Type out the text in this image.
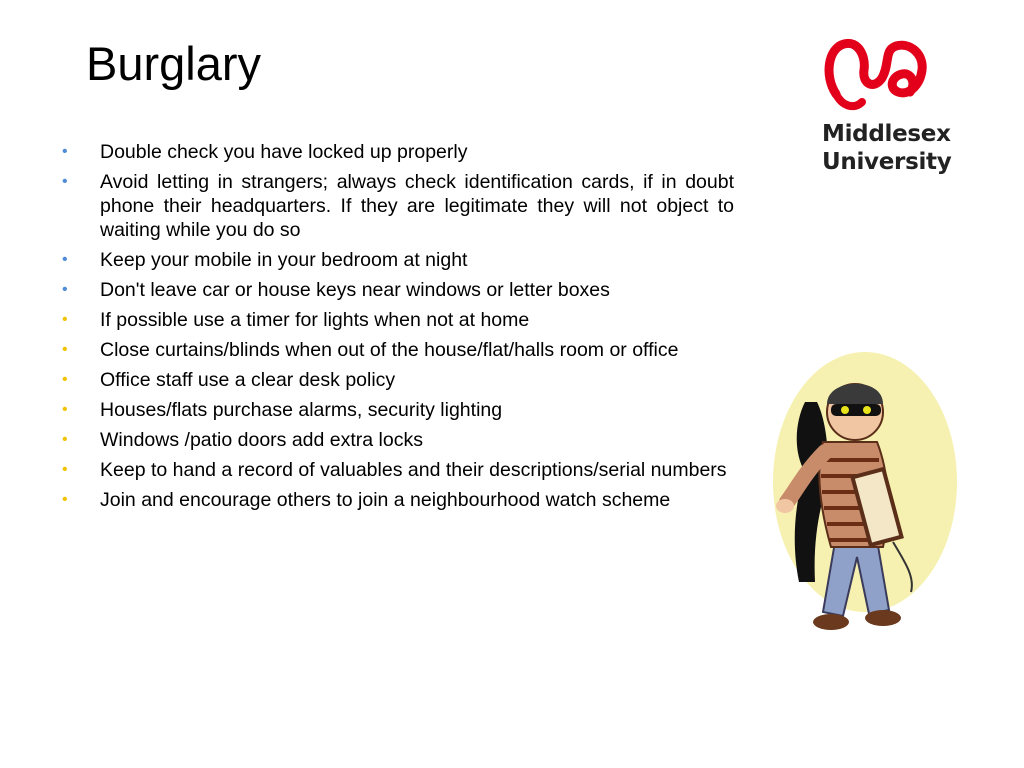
Burglary
• Double check you have locked up properly
• Avoid letting in strangers; always check identification cards, if in doubt phone their headquarters. If they are legitimate they will not object to waiting while you do so
• Keep your mobile in your bedroom at night
• Don't leave car or house keys near windows or letter boxes
• If possible use a timer for lights when not at home
• Close curtains/blinds when out of the house/flat/halls room or office
• Office staff use a clear desk policy
• Houses/flats purchase alarms, security lighting
• Windows /patio doors add extra locks
• Keep to hand a record of valuables and their descriptions/serial numbers
• Join and encourage others to join a neighbourhood watch scheme
Middlesex
University
